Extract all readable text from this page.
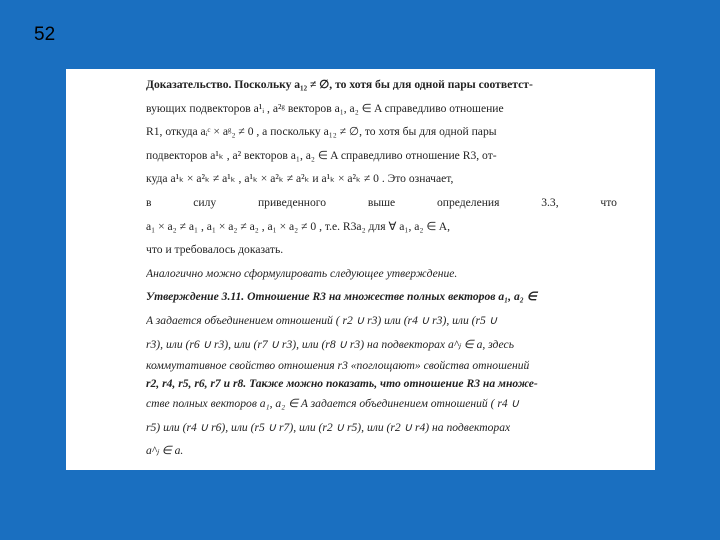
52
Доказательство. Поскольку a₁₂ ≠ ∅, то хотя бы для одной пары соответст-
вующих подвекторов a¹ᵢ , a²ᵍ векторов a₁, a₂ ∈ A справедливо отношение
R1, откуда aᵢᶜ × aᵍ₂ ≠ 0 , а поскольку a₁₂ ≠ ∅, то хотя бы для одной пары
подвекторов a¹ₖ , a² векторов a₁, a₂ ∈ A справедливо отношение R3, от-
куда a¹ₖ × a²ₖ ≠ a¹ₖ , a¹ₖ × a²ₖ ≠ a²ₖ и a¹ₖ × a²ₖ ≠ 0 . Это означает,
в	силу	приведенного	выше	определения	3.3,	что
a₁ × a₂ ≠ a₁ , a₁ × a₂ ≠ a₂ , a₁ × a₂ ≠ 0 , т.е. R3a₂ для ∀ a₁, a₂ ∈ A,
что и требовалось доказать.
Аналогично можно сформулировать следующее утверждение.
Утверждение 3.11. Отношение R3 на множестве полных векторов a₁, a₂ ∈
A задается объединением отношений ( r2 ∪ r3) или (r4 ∪ r3), или (r5 ∪
r3), или (r6 ∪ r3), или (r7 ∪ r3), или (r8 ∪ r3) на подвекторах a^ⱼ ∈ a, здесь
коммутативное свойство отношения r3 «поглощают» свойства отношений
r2, r4, r5, r6, r7 и r8. Также можно показать, что отношение R3 на множе-
стве полных векторов a₁, a₂ ∈ A задается объединением отношений ( r4 ∪
r5) или (r4 ∪ r6), или (r5 ∪ r7), или (r2 ∪ r5), или (r2 ∪ r4) на подвекторах
a^ⱼ ∈ a.
